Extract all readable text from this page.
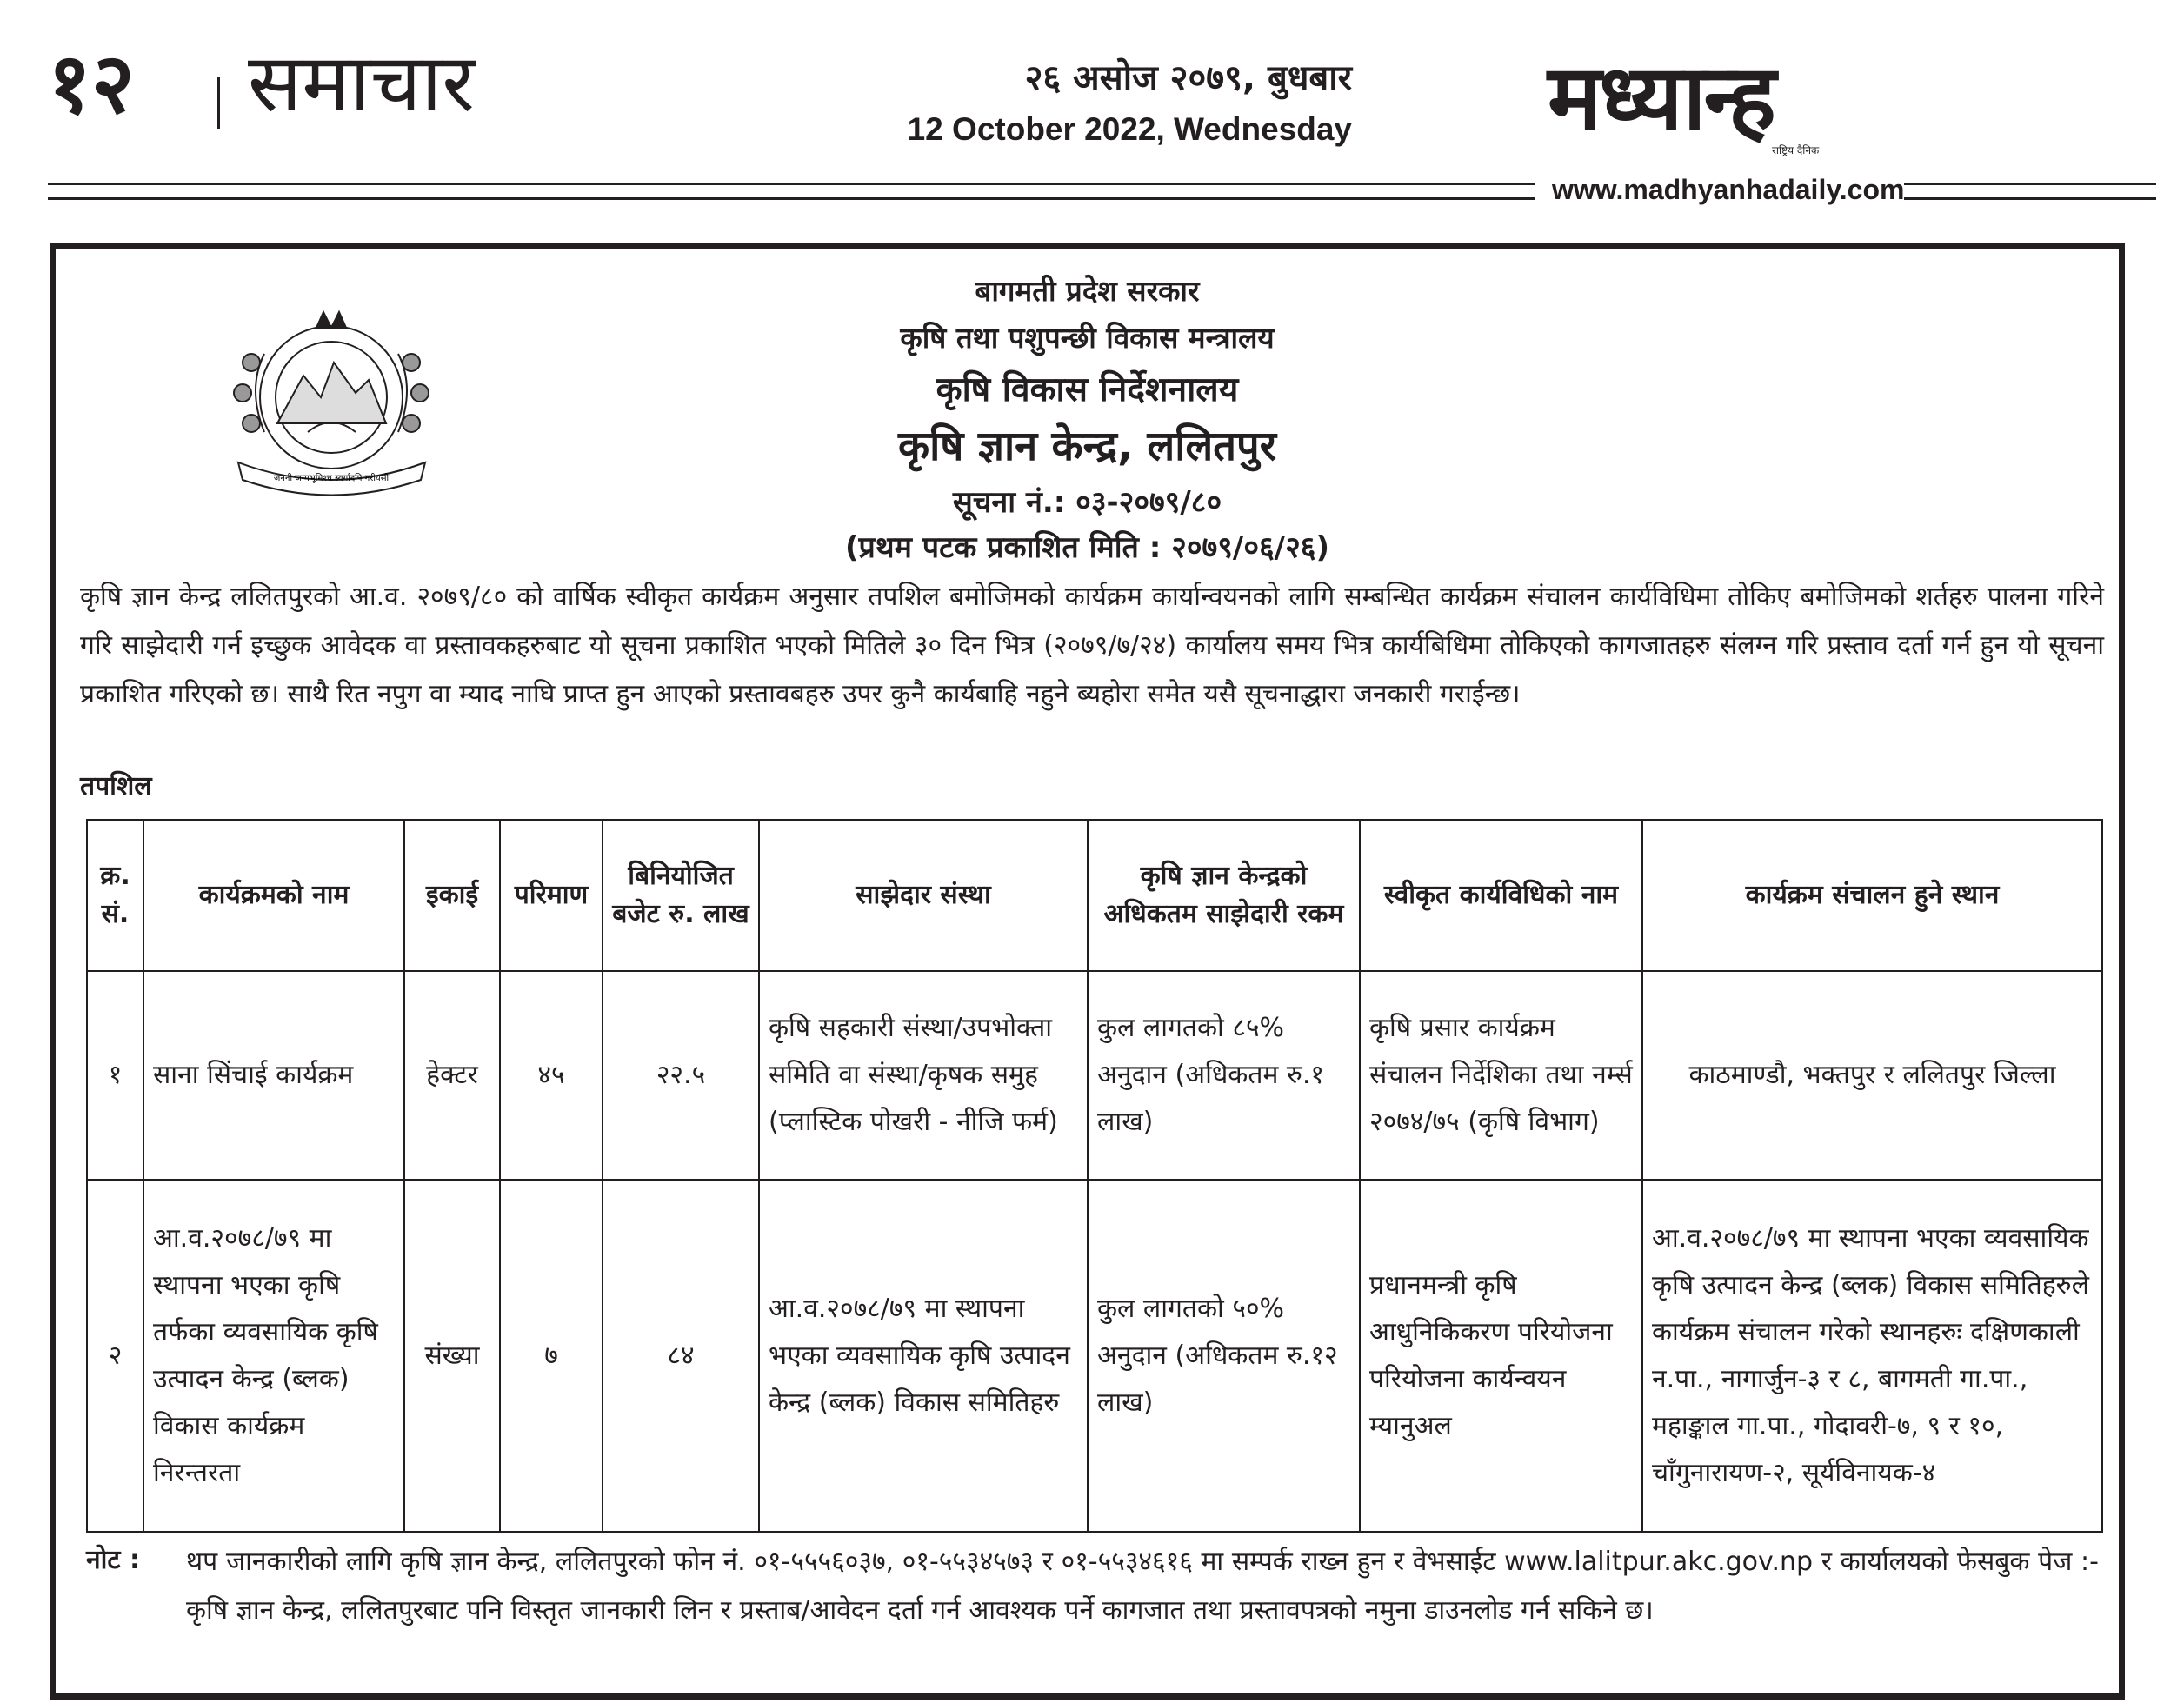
१२ समाचार	२६ असोज २०७९, बुधबार
12 October 2022, Wednesday मध्यान्ह
राष्ट्रिय दैनिक
www.madhyanhadaily.com
जननी जन्मभूमिश्च स्वर्गादपि गरीयसी
बागमती प्रदेश सरकार
कृषि तथा पशुपन्छी विकास मन्त्रालय
कृषि विकास निर्देशनालय
कृषि ज्ञान केन्द्र, ललितपुर
सूचना नं.: ०३-२०७९/८०
(प्रथम पटक प्रकाशित मिति : २०७९/०६/२६)
कृषि ज्ञान केन्द्र ललितपुरको आ.व. २०७९/८० को वार्षिक स्वीकृत कार्यक्रम अनुसार तपशिल बमोजिमको कार्यक्रम कार्यान्वयनको लागि सम्बन्धित कार्यक्रम संचालन कार्यविधिमा तोकिए बमोजिमको शर्तहरु पालना गरिने गरि साझेदारी गर्न इच्छुक आवेदक वा प्रस्तावकहरुबाट यो सूचना प्रकाशित भएको मितिले ३० दिन भित्र (२०७९/७/२४) कार्यालय समय भित्र कार्यबिधिमा तोकिएको कागजातहरु संलग्न गरि प्रस्ताव दर्ता गर्न हुन यो सूचना प्रकाशित गरिएको छ। साथै रित नपुग वा म्याद नाघि प्राप्त हुन आएको प्रस्तावबहरु उपर कुनै कार्यबाहि नहुने ब्यहोरा समेत यसै सूचनाद्धारा जनकारी गराईन्छ।
तपशिल
क्र. सं.	कार्यक्रमको नाम	इकाई	परिमाण	बिनियोजित बजेट रु. लाख	साझेदार संस्था	कृषि ज्ञान केन्द्रको अधिकतम साझेदारी रकम	स्वीकृत कार्यविधिको नाम	कार्यक्रम संचालन हुने स्थान
१	साना सिंचाई कार्यक्रम	हेक्टर	४५	२२.५	कृषि सहकारी संस्था/उपभोक्ता समिति वा संस्था/कृषक समुह (प्लास्टिक पोखरी - नीजि फर्म)	कुल लागतको ८५% अनुदान (अधिकतम रु.१ लाख)	कृषि प्रसार कार्यक्रम संचालन निर्देशिका तथा नर्म्स २०७४/७५ (कृषि विभाग)	काठमाण्डौ, भक्तपुर र ललितपुर जिल्ला
२	आ.व.२०७८/७९ मा स्थापना भएका कृषि तर्फका व्यवसायिक कृषि उत्पादन केन्द्र (ब्लक) विकास कार्यक्रम निरन्तरता	संख्या	७	८४	आ.व.२०७८/७९ मा स्थापना भएका व्यवसायिक कृषि उत्पादन केन्द्र (ब्लक) विकास समितिहरु	कुल लागतको ५०% अनुदान (अधिकतम रु.१२ लाख)	प्रधानमन्त्री कृषि आधुनिकिकरण परियोजना परियोजना कार्यन्वयन म्यानुअल	आ.व.२०७८/७९ मा स्थापना भएका व्यवसायिक कृषि उत्पादन केन्द्र (ब्लक) विकास समितिहरुले कार्यक्रम संचालन गरेको स्थानहरुः दक्षिणकाली न.पा., नागार्जुन-३ र ८, बागमती गा.पा., महाङ्काल गा.पा., गोदावरी-७, ९ र १०, चाँगुनारायण-२, सूर्यविनायक-४
नोट : थप जानकारीको लागि कृषि ज्ञान केन्द्र, ललितपुरको फोन नं. ०१-५५५६०३७, ०१-५५३४५७३ र ०१-५५३४६१६ मा सम्पर्क राख्न हुन र वेभसाईट www.lalitpur.akc.gov.np र कार्यालयको फेसबुक पेज :- कृषि ज्ञान केन्द्र, ललितपुरबाट पनि विस्तृत जानकारी लिन र प्रस्ताब/आवेदन दर्ता गर्न आवश्यक पर्ने कागजात तथा प्रस्तावपत्रको नमुना डाउनलोड गर्न सकिने छ।
